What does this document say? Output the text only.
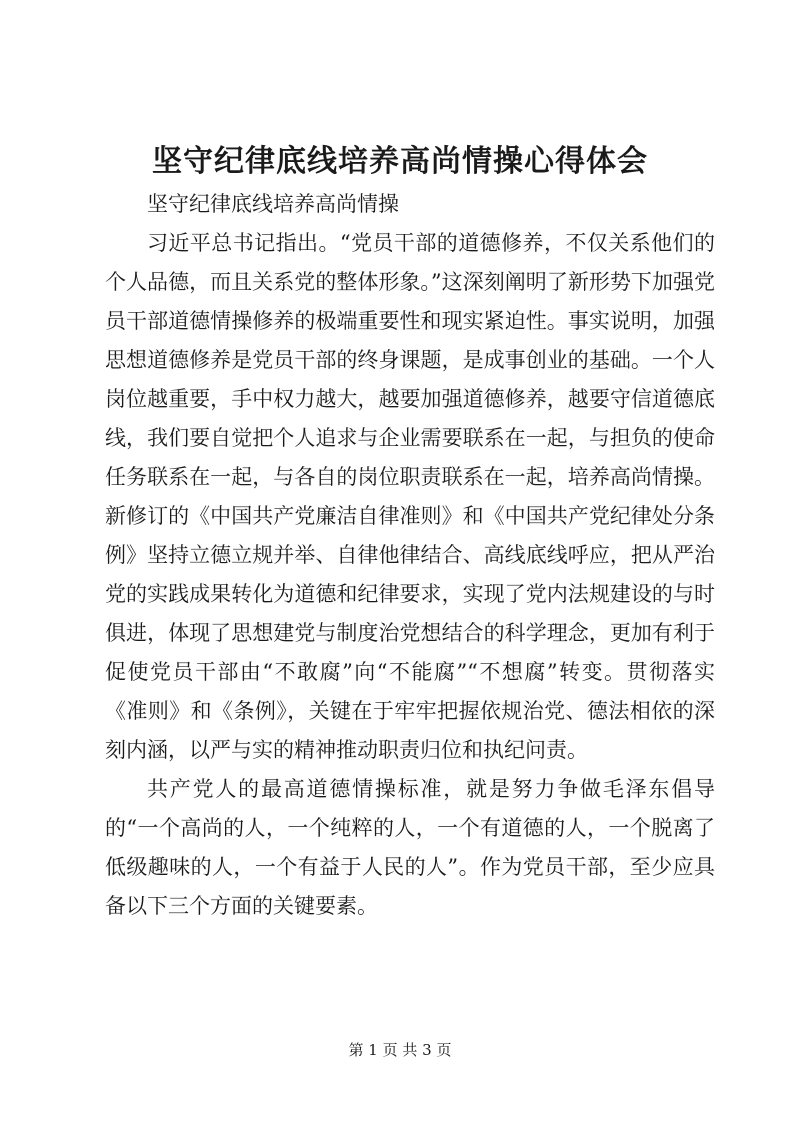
坚守纪律底线培养高尚情操心得体会

坚守纪律底线培养高尚情操

习近平总书记指出。“党员干部的道德修养，不仅关系他们的个人品德，而且关系党的整体形象。”这深刻阐明了新形势下加强党员干部道德情操修养的极端重要性和现实紧迫性。事实说明，加强思想道德修养是党员干部的终身课题，是成事创业的基础。一个人岗位越重要，手中权力越大，越要加强道德修养，越要守信道德底线，我们要自觉把个人追求与企业需要联系在一起，与担负的使命任务联系在一起，与各自的岗位职责联系在一起，培养高尚情操。新修订的《中国共产党廉洁自律准则》和《中国共产党纪律处分条例》坚持立德立规并举、自律他律结合、高线底线呼应，把从严治党的实践成果转化为道德和纪律要求，实现了党内法规建设的与时俱进，体现了思想建党与制度治党想结合的科学理念，更加有利于促使党员干部由“不敢腐”向“不能腐”“不想腐”转变。贯彻落实《准则》和《条例》，关键在于牢牢把握依规治党、德法相依的深刻内涵，以严与实的精神推动职责归位和执纪问责。

共产党人的最高道德情操标准，就是努力争做毛泽东倡导的“一个高尚的人，一个纯粹的人，一个有道德的人，一个脱离了低级趣味的人，一个有益于人民的人”。作为党员干部，至少应具备以下三个方面的关键要素。

第 1 页 共 3 页
